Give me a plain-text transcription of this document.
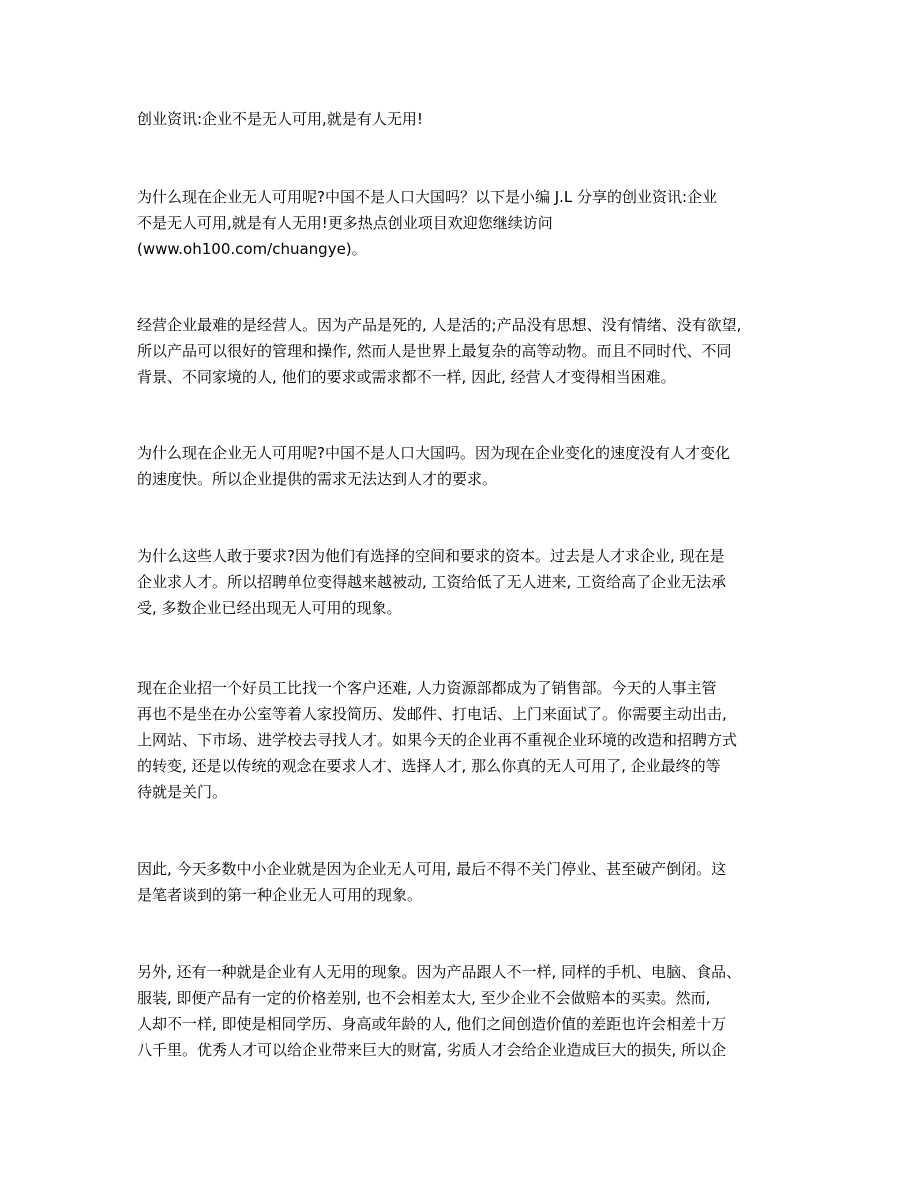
创业资讯:企业不是无人可用,就是有人无用!
为什么现在企业无人可用呢?中国不是人口大国吗？以下是小编 J.L 分享的创业资讯:企业
不是无人可用,就是有人无用!更多热点创业项目欢迎您继续访问
(www.oh100.com/chuangye)。
经营企业最难的是经营人。因为产品是死的, 人是活的;产品没有思想、没有情绪、没有欲望,
所以产品可以很好的管理和操作, 然而人是世界上最复杂的高等动物。而且不同时代、不同
背景、不同家境的人, 他们的要求或需求都不一样, 因此, 经营人才变得相当困难。
为什么现在企业无人可用呢?中国不是人口大国吗。因为现在企业变化的速度没有人才变化
的速度快。所以企业提供的需求无法达到人才的要求。
为什么这些人敢于要求?因为他们有选择的空间和要求的资本。过去是人才求企业, 现在是
企业求人才。所以招聘单位变得越来越被动, 工资给低了无人进来, 工资给高了企业无法承
受, 多数企业已经出现无人可用的现象。
现在企业招一个好员工比找一个客户还难, 人力资源部都成为了销售部。今天的人事主管
再也不是坐在办公室等着人家投简历、发邮件、打电话、上门来面试了。你需要主动出击,
上网站、下市场、进学校去寻找人才。如果今天的企业再不重视企业环境的改造和招聘方式
的转变, 还是以传统的观念在要求人才、选择人才, 那么你真的无人可用了, 企业最终的等
待就是关门。
因此, 今天多数中小企业就是因为企业无人可用, 最后不得不关门停业、甚至破产倒闭。这
是笔者谈到的第一种企业无人可用的现象。
另外, 还有一种就是企业有人无用的现象。因为产品跟人不一样, 同样的手机、电脑、食品、
服装, 即便产品有一定的价格差别, 也不会相差太大, 至少企业不会做赔本的买卖。然而,
人却不一样, 即使是相同学历、身高或年龄的人, 他们之间创造价值的差距也许会相差十万
八千里。优秀人才可以给企业带来巨大的财富, 劣质人才会给企业造成巨大的损失, 所以企
